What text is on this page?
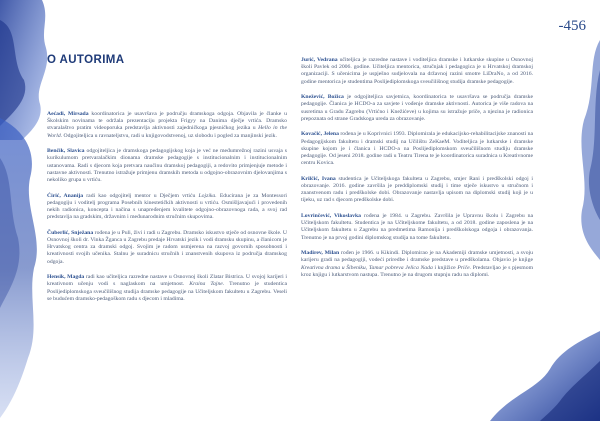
-456
O AUTORIMA

Aećadi, Mirsada koordinatorica je usavršava je području dramskoga odgoja. Objavila je članke u Školskim novinama te održala prezentaciju projekta Frigyy na Danima dječje vrtića. Dramsko stvaralaštvo pratim videoporuka predstavlja aktivnosti zajedničkoga pjesničkog jezika u Hello in the World. Odgojiteljica u ravnateljstvu, radi u knjigovodstvenoj, uz slobodu i pogled za manjinski jezik.

Benčik, Slavica odgojiteljica je dramskoga pedagogijskog koja je već ne međumrežnoj razini usvaja s kurikulumom pretvaralačkim dionama dramske pedagogije s institucionalnim i institucionalnim ustanovama. Radi s djecom koja pretvara naučinu dramskoj pedagogiji, a redovito primjenjuje metode i nastavne aktivnosti. Trenutno istražuje primjenu dramskih metoda u odgojno-obrazovnim djelovanjima s nekoliko grupa u vrtiću.

Ćirić, Ananija radi kao odgojitelj mentor u Dječjem vrtiću Lojzika. Educirana je za Montessori pedagogiju i voditelj programa Posebnih kinestetičkih aktivnosti u vrtiću. Osmišljavajući i provedenih nekih radionica, koncepta i načina s unapređenjem kvalitete odgojno-obrazovnoga rada, a svoj rad predstavlja na gradskim, državnim i međunarodnim stručnim skupovima.

Čuberlić, Snježana rođena je u Puli, živi i radi u Zagrebu. Dramsko iskustvo stječe od osnovne škole. U Osnovnoj školi dr. Vinka Žganca u Zagrebu predaje Hrvatski jezik i vodi dramsku skupinu, a članicom je Hrvatskog centra za dramski odgoj. Svojim je radom usmjerena na razvoj govornih sposobnosti i kreativnosti svojih učenika. Stalnu je suradnicu stručnih i znanstvenih skupova iz područja dramskog odgoja.

Hensik, Magda radi kao učiteljica razredne nastave u Osnovnoj školi Zlatar Bistrica. U svojoj karijeri i kreativnom učenju vodi s naglaskom na umjetnost. Kraina Tajne. Trenutno je studentica Poslijediplomskoga sveučilišnog studija dramske pedagogije na Učiteljskom fakultetu u Zagrebu. Veseli se budućem dramsko-pedagoškom radu s djecom i mladima.

Jurić, Vedrana učiteljica je razredne nastave i voditeljica dramske i lutkarske skupine u Osnovnoj školi Pavlek od 2006. godine. Učiteljica mentorica, stručnjak i pedagogica je u Hrvatskoj dramskoj organizaciji. S učenicima je uspješno sudjelovala na državnoj razini smotre LiDraNo, a od 2016. godine mentorica je studentima Poslijediplomskoga sveučilišnog studija dramske pedagogije.

Knežević, Božica je odgojiteljica savjetnica, koordinatorica te usavršava se područja dramske pedagogije. Članica je HCDO-a za savjete i vođenje dramske aktivnosti. Autorica je više radova na susretima u Gradu Zagrebu (Vrtićno i Knežićeve) u kojima su istražuje priče, a njezina je radionica prepoznata od strane Gradskoga ureda za obrazovanje.

Kovačić, Jelena rođena je u Koprivnici 1993. Diplomirala je edukacijsko-rehabilitacijske znanosti na Pedagogijskom fakultetu i dramski studij na Učilištu ZeKaeM. Voditeljica je lutkarske i dramske skupine kojom je i članica i HCDO-a na Poslijediplomskom sveučilišnom studiju dramske pedagogije. Od jeseni 2018. godine radi u Teatru Tirena te je koordinatorica suradnica u Kreativnome centru Kovica.

Krilčić, Ivana studentica je Učiteljskoga fakulteta u Zagrebu, smjer Rani i predškolski odgoj i obrazovanje. 2016. godine završila je preddiplomski studij i time stječe iskustvo u stručnom i znanstvenom radu i predškolske dobi. Obrazovanje nastavlja upisom na diplomski studij koji je u tijeku, uz rad s djecom predškolske dobi.

Lovrinčević, Vikoslavka rođena je 1984. u Zagrebu. Završila je Upravnu školu i Zagrebu na Učiteljskom fakultetu. Studentica je na Učiteljskome fakultetu, a od 2018. godine zaposlena je na Učiteljskom fakultetu u Zagrebu na predmetima Ramonija i predškolskoga odgoja i obrazovanja. Trenutno je na prvoj godini diplomskog studija na tome fakultetu.

Madirev, Milan rođen je 1966. u Kikindi. Diplomirao je na Akademiji dramske umjetnosti, a svoju karijeru gradi na pedagogiji, vodeći priredbe i dramske predstave u predškolama. Objavio je knjige Kreativna drama u Šibeniku, Tamar pobreva Jelica Nada i knjižice Priče. Predstavljao je s pjesmom kroz knjigu i lutkarstvom nastupa. Trenutno je na drugom stupnju radu na diplomi.
